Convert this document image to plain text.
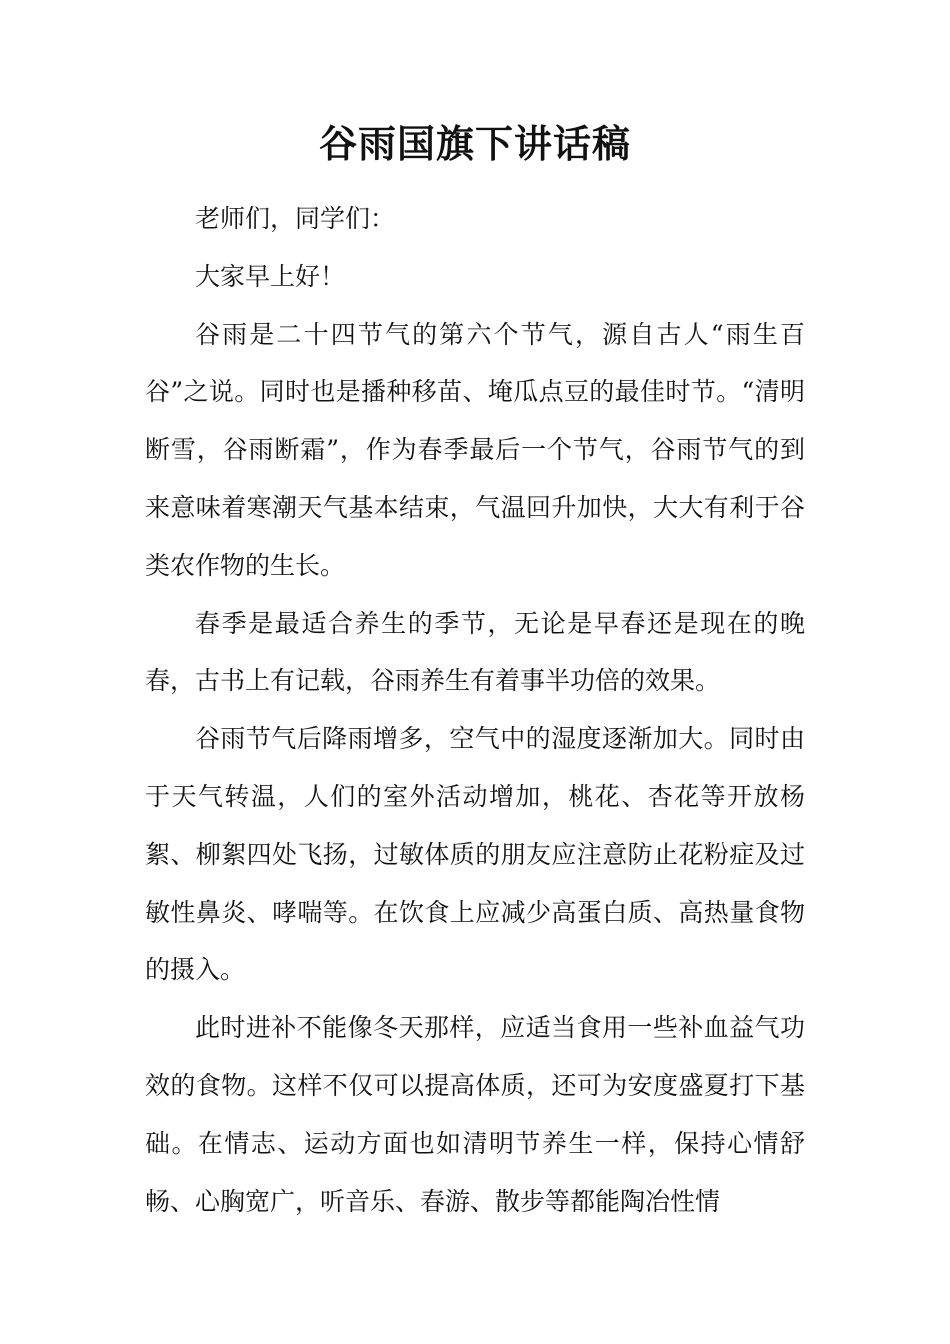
谷雨国旗下讲话稿

老师们，同学们：

大家早上好！

谷雨是二十四节气的第六个节气，源自古人“雨生百谷”之说。同时也是播种移苗、埯瓜点豆的最佳时节。“清明断雪，谷雨断霜”，作为春季最后一个节气，谷雨节气的到来意味着寒潮天气基本结束，气温回升加快，大大有利于谷类农作物的生长。

春季是最适合养生的季节，无论是早春还是现在的晚春，古书上有记载，谷雨养生有着事半功倍的效果。

谷雨节气后降雨增多，空气中的湿度逐渐加大。同时由于天气转温，人们的室外活动增加，桃花、杏花等开放杨絮、柳絮四处飞扬，过敏体质的朋友应注意防止花粉症及过敏性鼻炎、哮喘等。在饮食上应减少高蛋白质、高热量食物的摄入。

此时进补不能像冬天那样，应适当食用一些补血益气功效的食物。这样不仅可以提高体质，还可为安度盛夏打下基础。在情志、运动方面也如清明节养生一样，保持心情舒畅、心胸宽广，听音乐、春游、散步等都能陶冶性情
